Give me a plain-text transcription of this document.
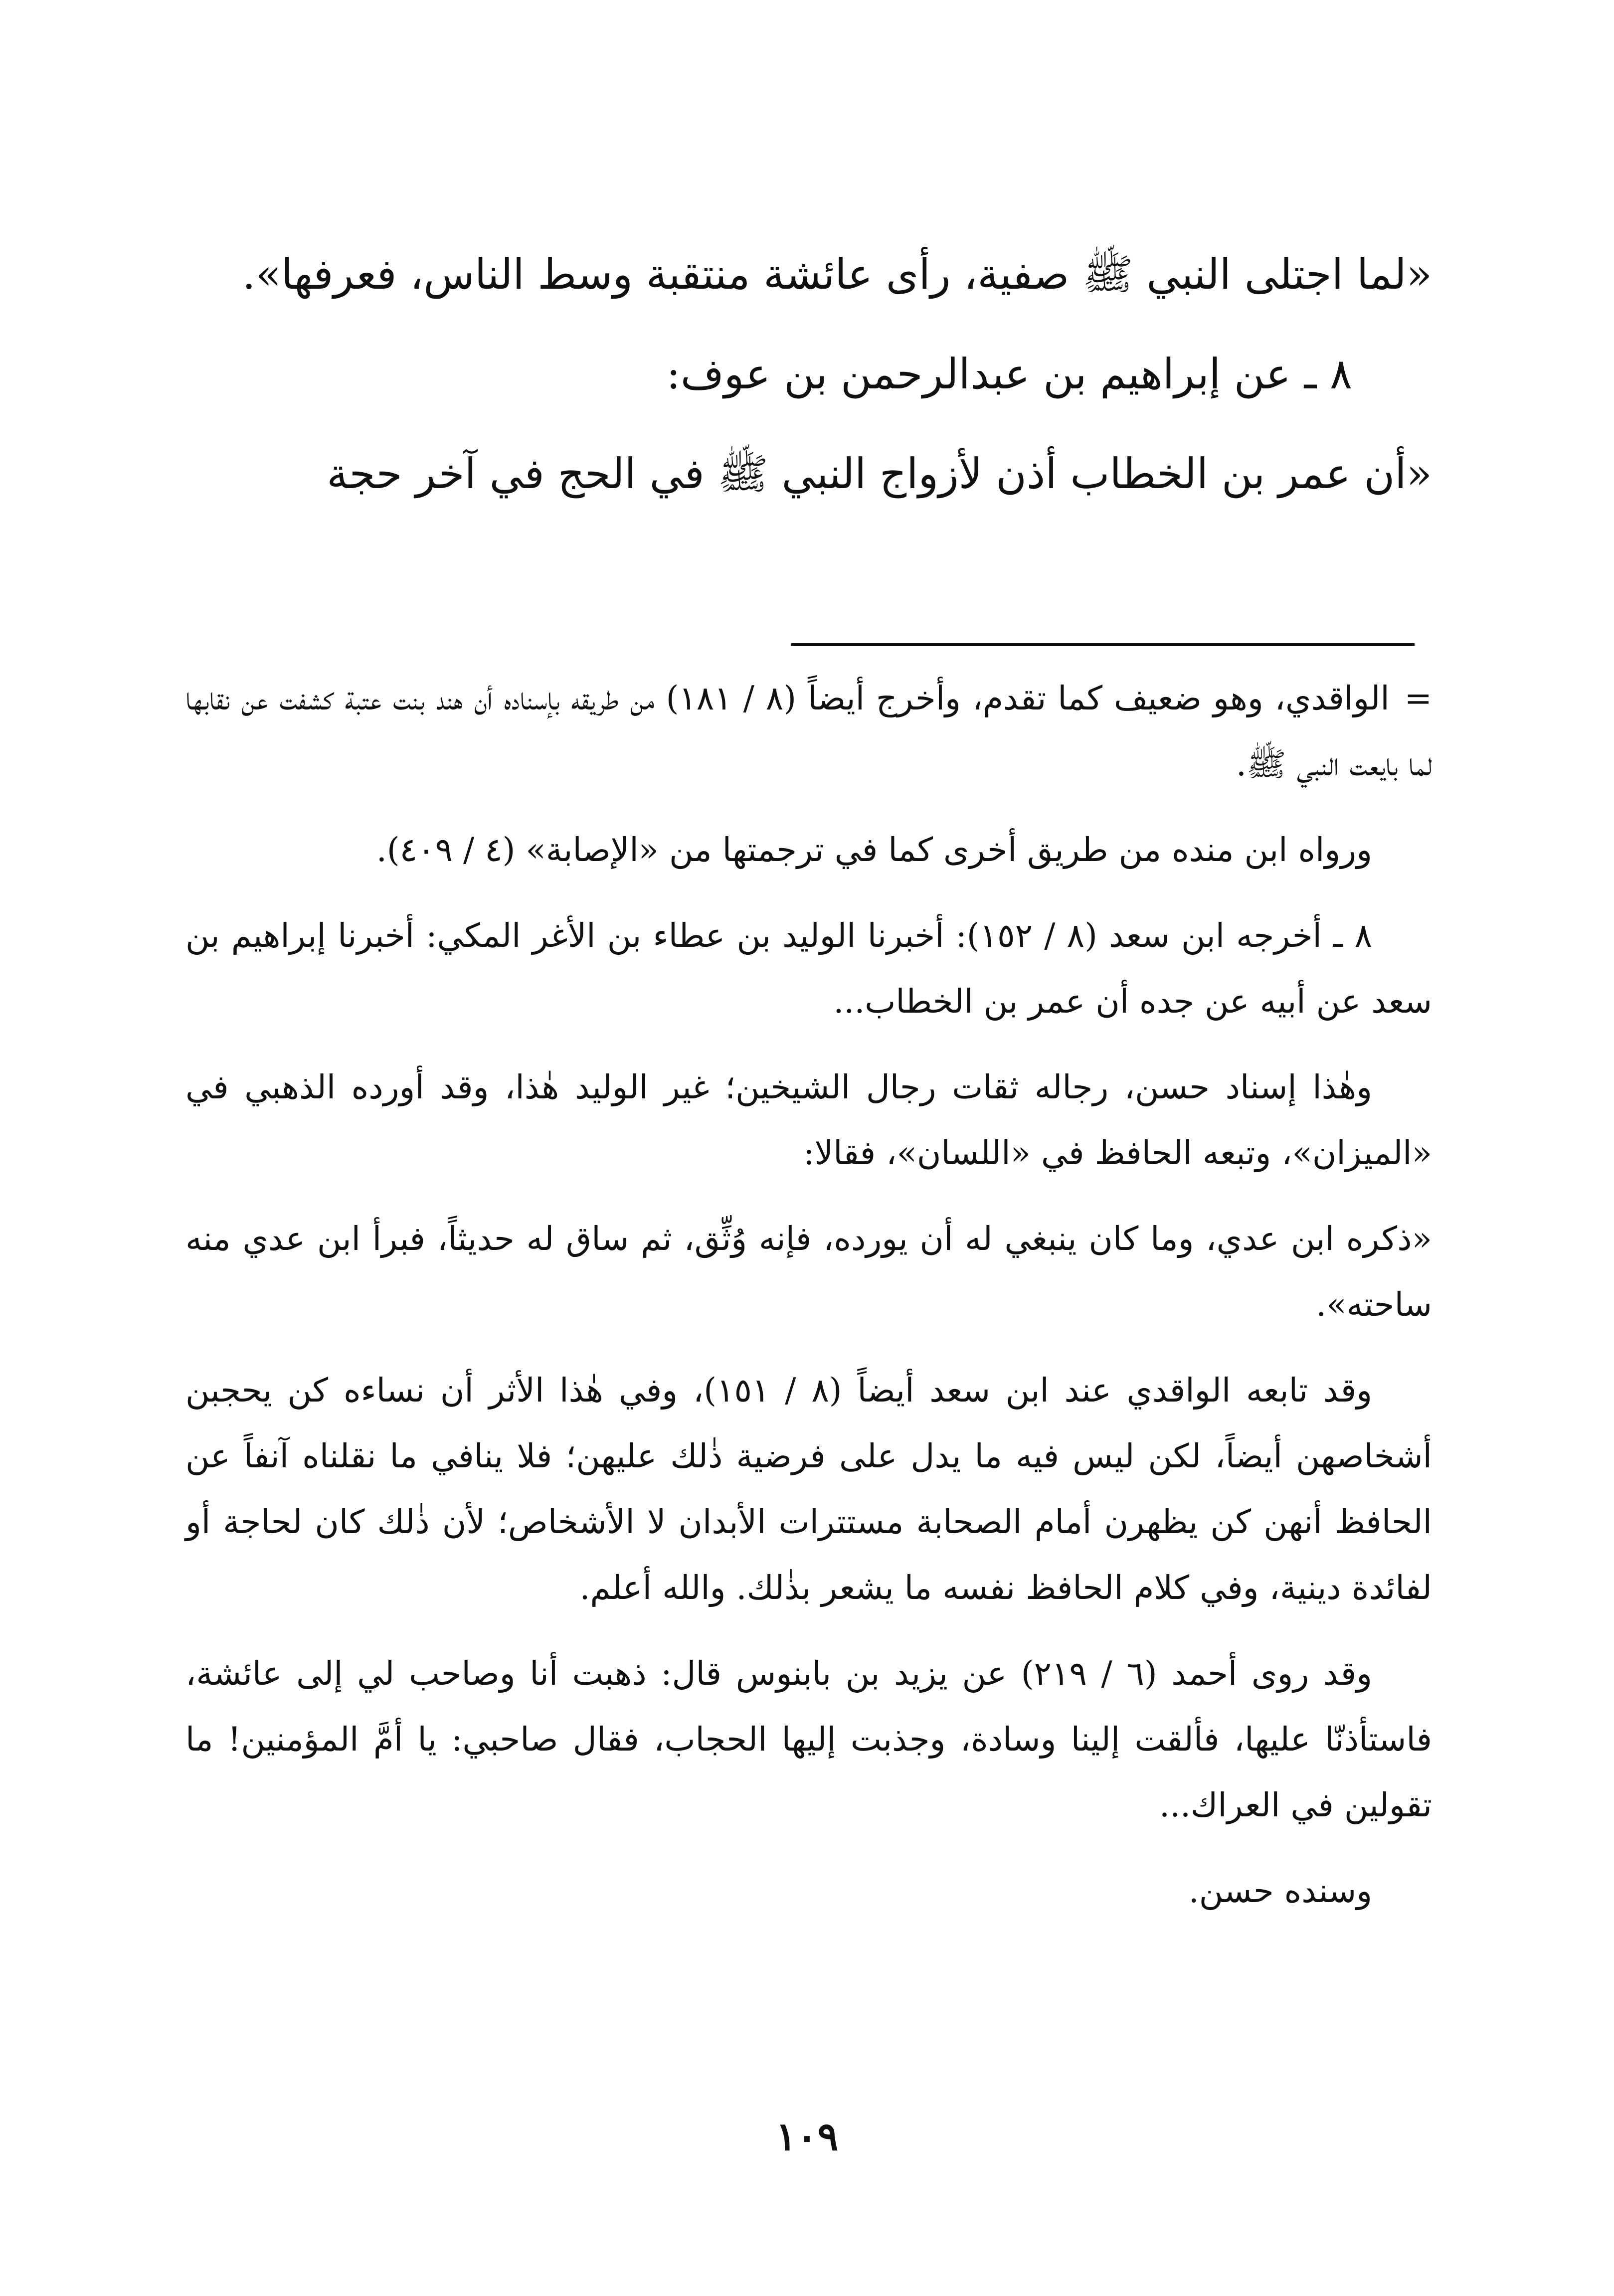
«لما اجتلى النبي ﷺ صفية، رأى عائشة منتقبة وسط الناس، فعرفها».

٨ ـ عن إبراهيم بن عبدالرحمن بن عوف:

«أن عمر بن الخطاب أذن لأزواج النبي ﷺ في الحج في آخر حجة

=الواقدي، وهو ضعيف كما تقدم، وأخرج أيضاً (٨ / ١٨١) من طريقه بإسناده أن هند بنت عتبة كشفت عن نقابها لما بايعت النبي ﷺ.

ورواه ابن منده من طريق أخرى كما في ترجمتها من «الإصابة» (٤ / ٤٠٩).

٨ ـ أخرجه ابن سعد (٨ / ١٥٢): أخبرنا الوليد بن عطاء بن الأغر المكي: أخبرنا إبراهيم بن سعد عن أبيه عن جده أن عمر بن الخطاب...

وهٰذا إسناد حسن، رجاله ثقات رجال الشيخين؛ غير الوليد هٰذا، وقد أورده الذهبي في «الميزان»، وتبعه الحافظ في «اللسان»، فقالا:

«ذكره ابن عدي، وما كان ينبغي له أن يورده، فإنه وُثِّق، ثم ساق له حديثاً، فبرأ ابن عدي منه ساحته».

وقد تابعه الواقدي عند ابن سعد أيضاً (٨ / ١٥١)، وفي هٰذا الأثر أن نساءه كن يحجبن أشخاصهن أيضاً، لكن ليس فيه ما يدل على فرضية ذٰلك عليهن؛ فلا ينافي ما نقلناه آنفاً عن الحافظ أنهن كن يظهرن أمام الصحابة مستترات الأبدان لا الأشخاص؛ لأن ذٰلك كان لحاجة أو لفائدة دينية، وفي كلام الحافظ نفسه ما يشعر بذٰلك. والله أعلم.

وقد روى أحمد (٦ / ٢١٩) عن يزيد بن بابنوس قال: ذهبت أنا وصاحب لي إلى عائشة، فاستأذنّا عليها، فألقت إلينا وسادة، وجذبت إليها الحجاب، فقال صاحبي: يا أمَّ المؤمنين! ما تقولين في العراك...

وسنده حسن.

١٠٩
